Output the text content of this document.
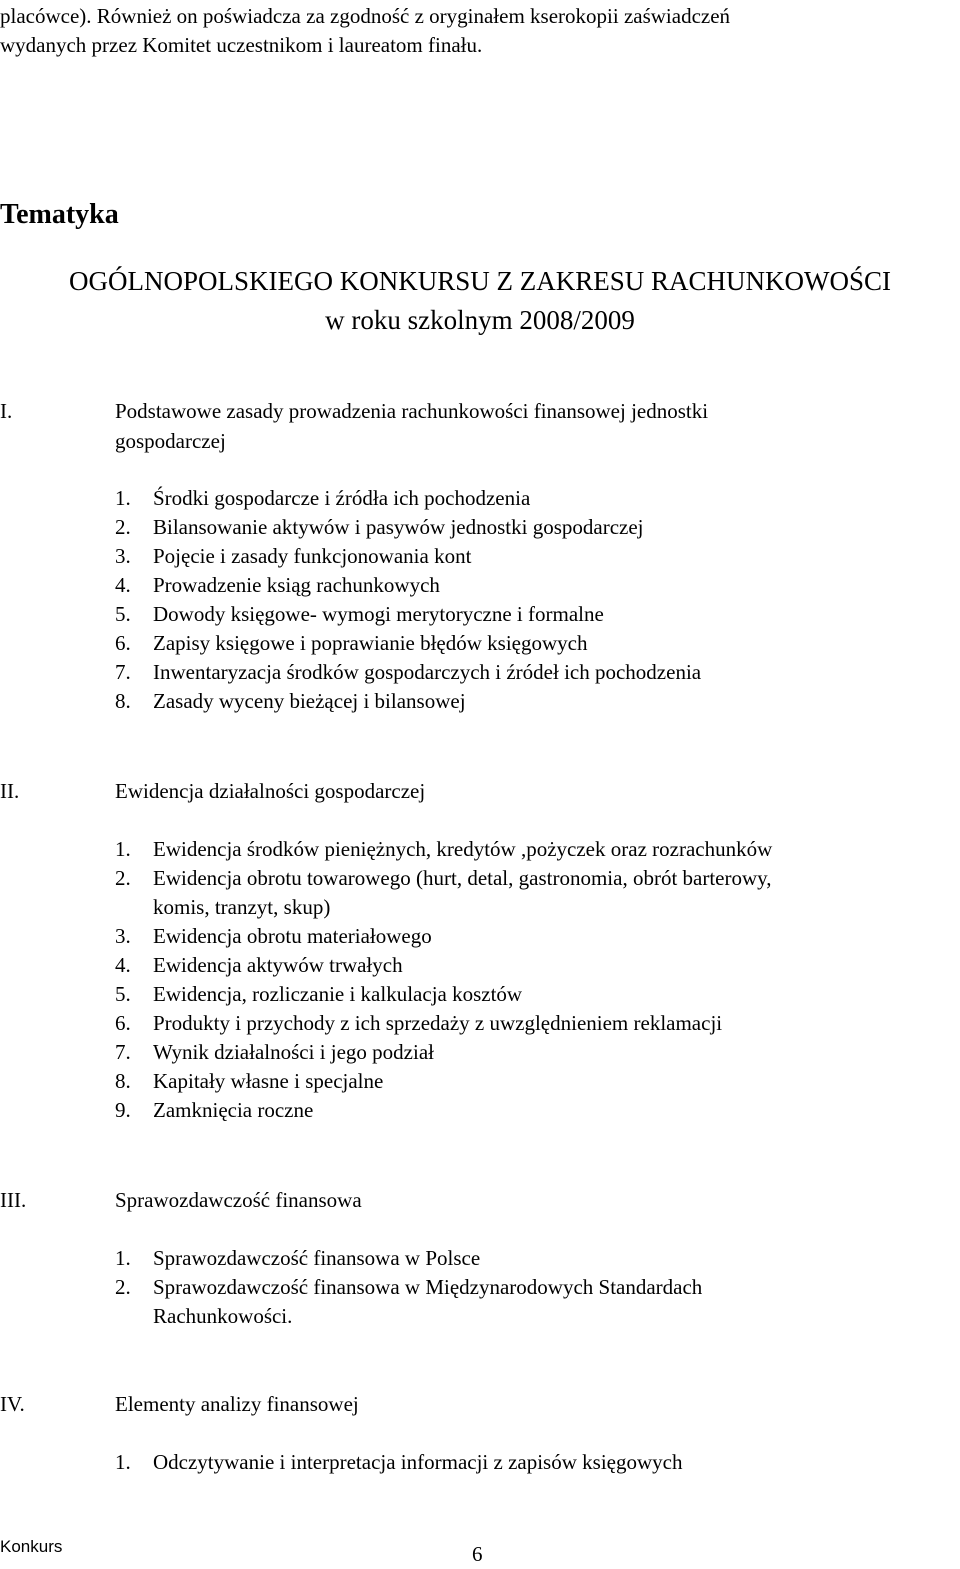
placówce). Również on poświadcza za zgodność z oryginałem kserokopii zaświadczeń
wydanych przez Komitet uczestnikom i laureatom finału.
Tematyka
OGÓLNOPOLSKIEGO KONKURSU Z ZAKRESU RACHUNKOWOŚCI
w roku szkolnym 2008/2009
I.	Podstawowe zasady prowadzenia rachunkowości finansowej jednostki
gospodarczej
1. Środki gospodarcze i źródła ich pochodzenia
2. Bilansowanie aktywów i pasywów jednostki gospodarczej
3. Pojęcie i zasady funkcjonowania kont
4. Prowadzenie ksiąg rachunkowych
5. Dowody księgowe- wymogi merytoryczne i formalne
6. Zapisy księgowe i poprawianie błędów księgowych
7. Inwentaryzacja środków gospodarczych i źródeł ich pochodzenia
8. Zasady wyceny bieżącej i bilansowej
II.	Ewidencja działalności gospodarczej
1. Ewidencja środków pieniężnych, kredytów ,pożyczek oraz rozrachunków
2. Ewidencja obrotu towarowego (hurt, detal, gastronomia, obrót barterowy,
komis, tranzyt, skup)
3. Ewidencja obrotu materiałowego
4. Ewidencja aktywów trwałych
5. Ewidencja, rozliczanie i kalkulacja kosztów
6. Produkty i przychody z ich sprzedaży z uwzględnieniem reklamacji
7. Wynik działalności i jego podział
8. Kapitały własne i specjalne
9. Zamknięcia roczne
III.	Sprawozdawczość finansowa
1. Sprawozdawczość finansowa w Polsce
2. Sprawozdawczość finansowa w Międzynarodowych Standardach
Rachunkowości.
IV.	Elementy analizy finansowej
1. Odczytywanie i interpretacja informacji z zapisów księgowych
Konkurs	6
